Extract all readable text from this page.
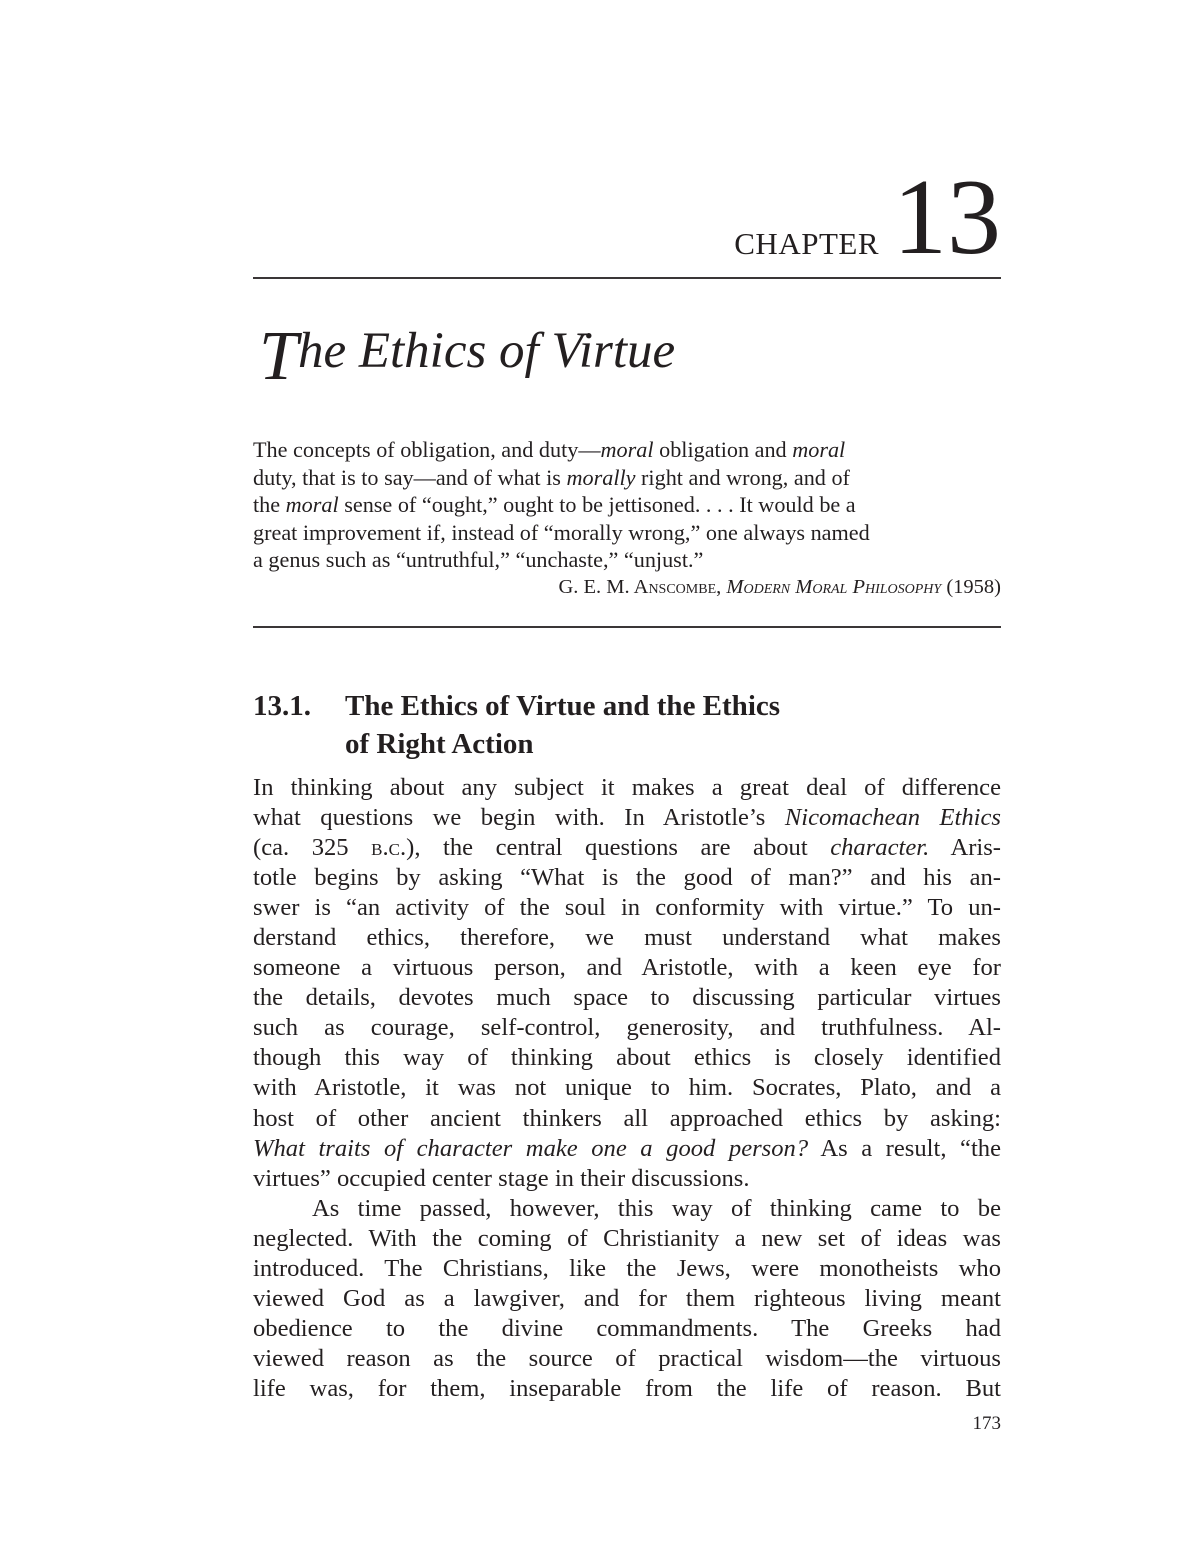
CHAPTER 13
The Ethics of Virtue

The concepts of obligation, and duty—moral obligation and moral
duty, that is to say—and of what is morally right and wrong, and of
the moral sense of “ought,” ought to be jettisoned. . . . It would be a
great improvement if, instead of “morally wrong,” one always named
a genus such as “untruthful,” “unchaste,” “unjust.”

G. E. M. Anscombe, Modern Moral Philosophy (1958)

13.1. The Ethics of Virtue and the Ethics
of Right Action
In thinking about any subject it makes a great deal of difference
what questions we begin with. In Aristotle’s Nicomachean Ethics
(ca. 325 b.c.), the central questions are about character. Aris-
totle begins by asking “What is the good of man?” and his an-
swer is “an activity of the soul in conformity with virtue.” To un-
derstand ethics, therefore, we must understand what makes
someone a virtuous person, and Aristotle, with a keen eye for
the details, devotes much space to discussing particular virtues
such as courage, self-control, generosity, and truthfulness. Al-
though this way of thinking about ethics is closely identified
with Aristotle, it was not unique to him. Socrates, Plato, and a
host of other ancient thinkers all approached ethics by asking:
What traits of character make one a good person? As a result, “the
virtues” occupied center stage in their discussions.
As time passed, however, this way of thinking came to be
neglected. With the coming of Christianity a new set of ideas was
introduced. The Christians, like the Jews, were monotheists who
viewed God as a lawgiver, and for them righteous living meant
obedience to the divine commandments. The Greeks had
viewed reason as the source of practical wisdom—the virtuous
life was, for them, inseparable from the life of reason. But
173
